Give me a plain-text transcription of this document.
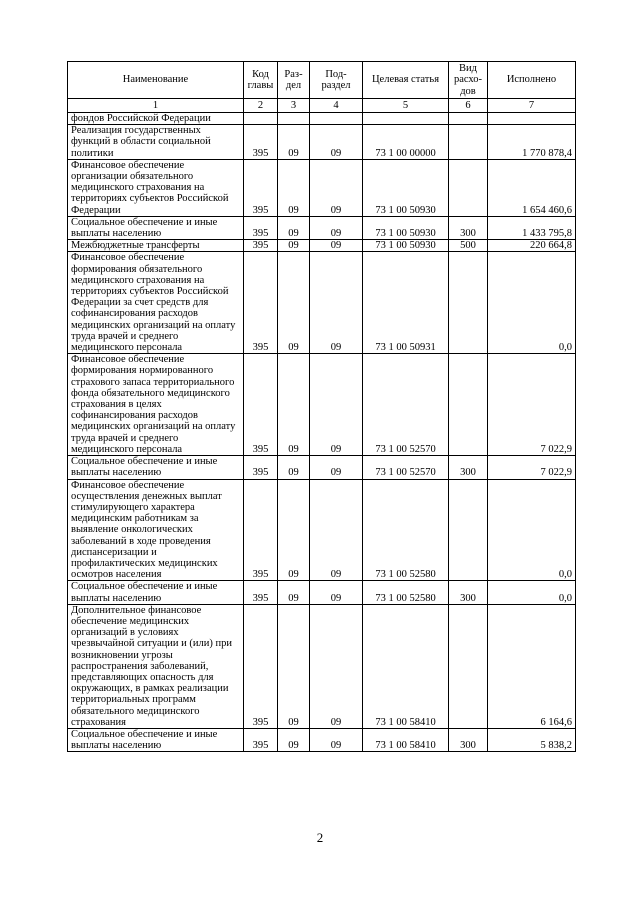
Наименование	Код главы	Раз-дел	Под-раздел	Целевая статья	Вид расхо-дов	Исполнено
1	2	3	4	5	6	7
фондов Российской Федерации						
Реализация государственных функций в области социальной политики	395	09	09	73 1 00 00000		1 770 878,4
Финансовое обеспечение организации обязательного медицинского страхования на территориях субъектов Российской Федерации	395	09	09	73 1 00 50930		1 654 460,6
Социальное обеспечение и иные выплаты населению	395	09	09	73 1 00 50930	300	1 433 795,8
Межбюджетные трансферты	395	09	09	73 1 00 50930	500	220 664,8
Финансовое обеспечение формирования обязательного медицинского страхования на территориях субъектов Российской Федерации за счет средств для софинансирования расходов медицинских организаций на оплату труда врачей и среднего медицинского персонала	395	09	09	73 1 00 50931		0,0
Финансовое обеспечение формирования нормированного страхового запаса территориального фонда обязательного медицинского страхования в целях софинансирования расходов медицинских организаций на оплату труда врачей и среднего медицинского персонала	395	09	09	73 1 00 52570		7 022,9
Социальное обеспечение и иные выплаты населению	395	09	09	73 1 00 52570	300	7 022,9
Финансовое обеспечение осуществления денежных выплат стимулирующего характера медицинским работникам за выявление онкологических заболеваний в ходе проведения диспансеризации и профилактических медицинских осмотров населения	395	09	09	73 1 00 52580		0,0
Социальное обеспечение и иные выплаты населению	395	09	09	73 1 00 52580	300	0,0
Дополнительное финансовое обеспечение медицинских организаций в условиях чрезвычайной ситуации и (или) при возникновении угрозы распространения заболеваний, представляющих опасность для окружающих, в рамках реализации территориальных программ обязательного медицинского страхования	395	09	09	73 1 00 58410		6 164,6
Социальное обеспечение и иные выплаты населению	395	09	09	73 1 00 58410	300	5 838,2
2
